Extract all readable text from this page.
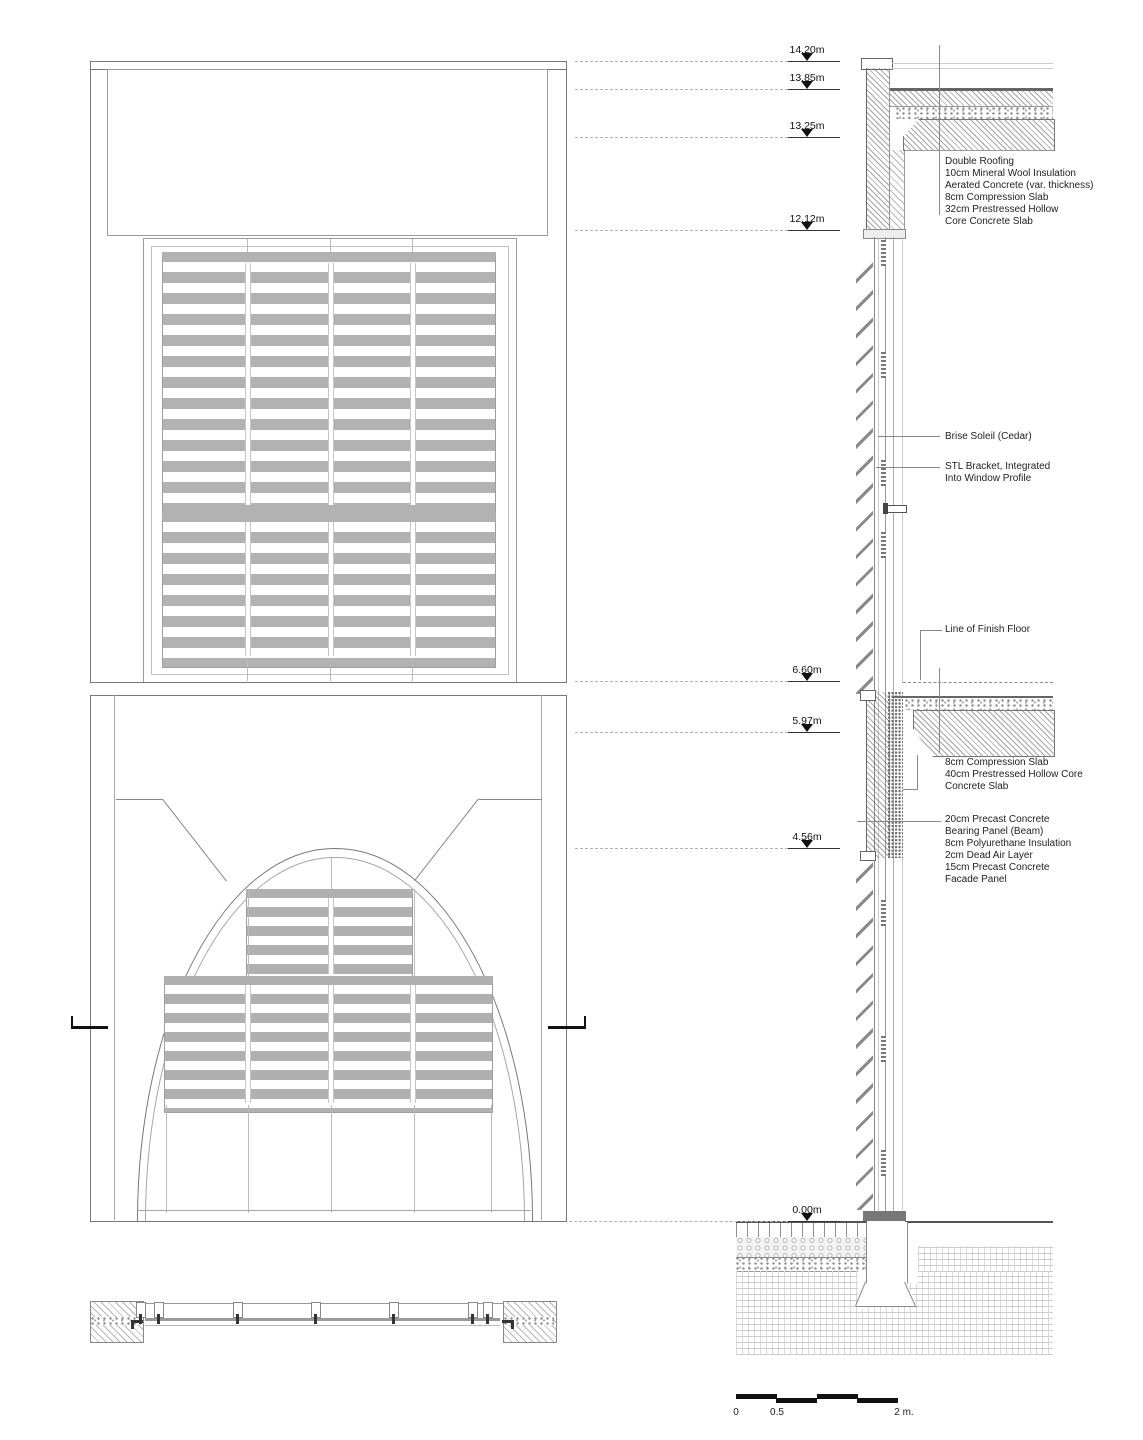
14.20m
13.85m
13.25m
12.12m
6.60m
5.97m
4.56m
0.00m
Double Roofing
10cm Mineral Wool Insulation
Aerated Concrete (var. thickness)
8cm Compression Slab
32cm Prestressed Hollow
Core Concrete Slab
Brise Soleil (Cedar)
STL Bracket, Integrated
Into Window Profile
Line of Finish Floor
8cm Compression Slab
40cm Prestressed Hollow Core
Concrete Slab
20cm Precast Concrete
Bearing Panel (Beam)
8cm Polyurethane Insulation
2cm Dead Air Layer
15cm Precast Concrete
Facade Panel
0	0.5	2 m.
